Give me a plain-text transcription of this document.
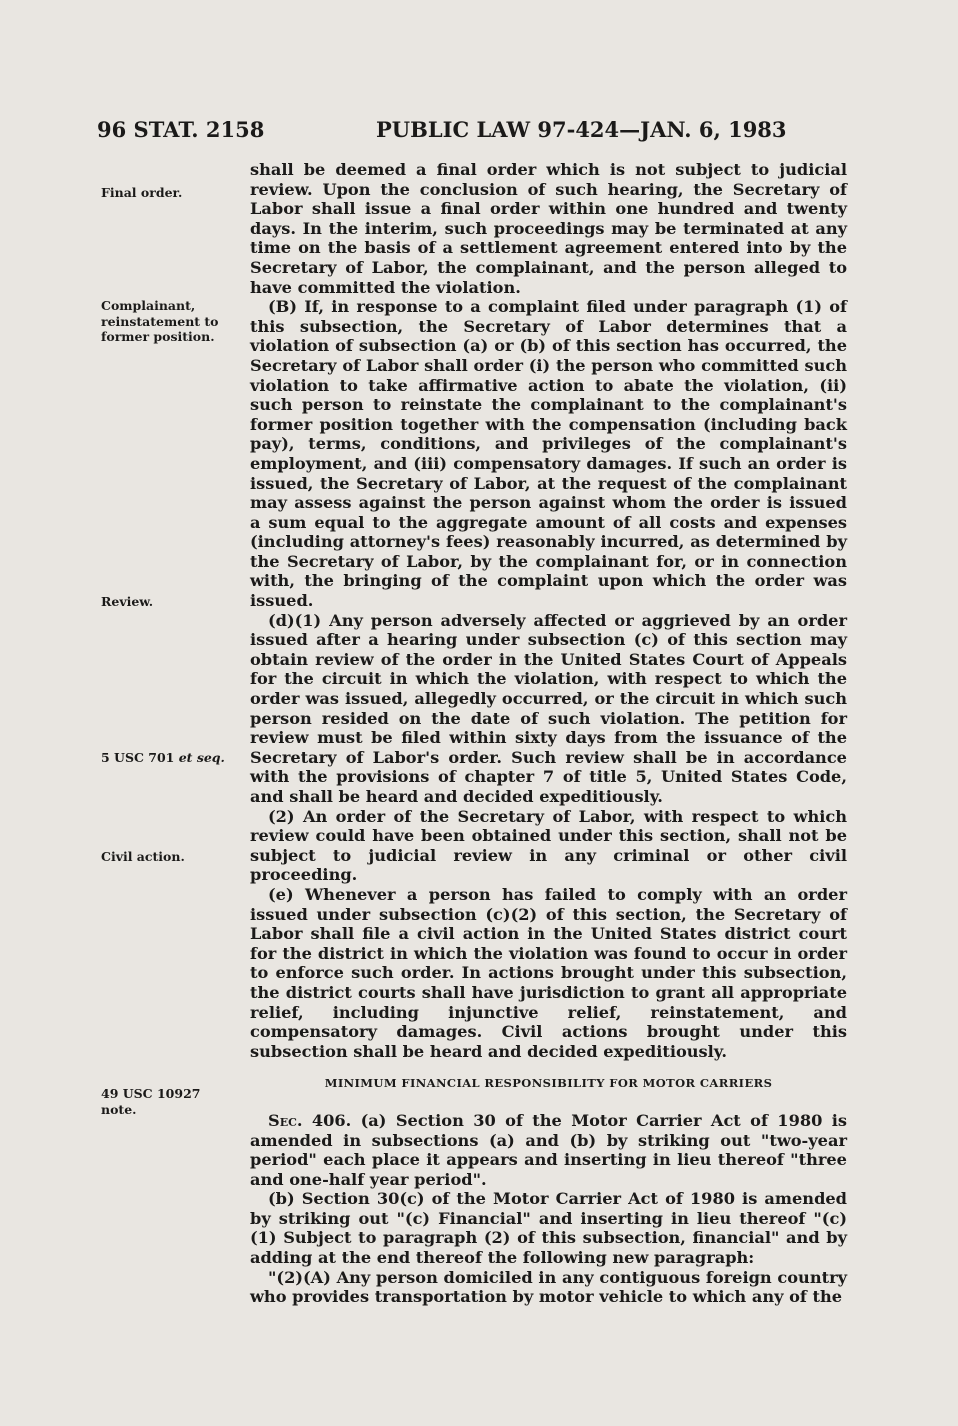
96 STAT. 2158	PUBLIC LAW 97-424—JAN. 6, 1983
Final order.
Complainant,
reinstatement to
former position.
Review.
5 USC 701 et seq.
Civil action.
49 USC 10927
note.

shall be deemed a final order which is not subject to judicial review. Upon the conclusion of such hearing, the Secretary of Labor shall issue a final order within one hundred and twenty days. In the interim, such proceedings may be terminated at any time on the basis of a settlement agreement entered into by the Secretary of Labor, the complainant, and the person alleged to have committed the violation.

(B) If, in response to a complaint filed under paragraph (1) of this subsection, the Secretary of Labor determines that a violation of subsection (a) or (b) of this section has occurred, the Secretary of Labor shall order (i) the person who committed such violation to take affirmative action to abate the violation, (ii) such person to reinstate the complainant to the complainant's former position together with the compensation (including back pay), terms, conditions, and privileges of the complainant's employment, and (iii) compensatory damages. If such an order is issued, the Secretary of Labor, at the request of the complainant may assess against the person against whom the order is issued a sum equal to the aggregate amount of all costs and expenses (including attorney's fees) reasonably incurred, as determined by the Secretary of Labor, by the complainant for, or in connection with, the bringing of the complaint upon which the order was issued.

(d)(1) Any person adversely affected or aggrieved by an order issued after a hearing under subsection (c) of this section may obtain review of the order in the United States Court of Appeals for the circuit in which the violation, with respect to which the order was issued, allegedly occurred, or the circuit in which such person resided on the date of such violation. The petition for review must be filed within sixty days from the issuance of the Secretary of Labor's order. Such review shall be in accordance with the provisions of chapter 7 of title 5, United States Code, and shall be heard and decided expeditiously.

(2) An order of the Secretary of Labor, with respect to which review could have been obtained under this section, shall not be subject to judicial review in any criminal or other civil proceeding.

(e) Whenever a person has failed to comply with an order issued under subsection (c)(2) of this section, the Secretary of Labor shall file a civil action in the United States district court for the district in which the violation was found to occur in order to enforce such order. In actions brought under this subsection, the district courts shall have jurisdiction to grant all appropriate relief, including injunctive relief, reinstatement, and compensatory damages. Civil actions brought under this subsection shall be heard and decided expeditiously.

MINIMUM FINANCIAL RESPONSIBILITY FOR MOTOR CARRIERS

Sec. 406. (a) Section 30 of the Motor Carrier Act of 1980 is amended in subsections (a) and (b) by striking out "two-year period" each place it appears and inserting in lieu thereof "three and one-half year period".

(b) Section 30(c) of the Motor Carrier Act of 1980 is amended by striking out "(c) Financial" and inserting in lieu thereof "(c)(1) Subject to paragraph (2) of this subsection, financial" and by adding at the end thereof the following new paragraph:

"(2)(A) Any person domiciled in any contiguous foreign country who provides transportation by motor vehicle to which any of the
